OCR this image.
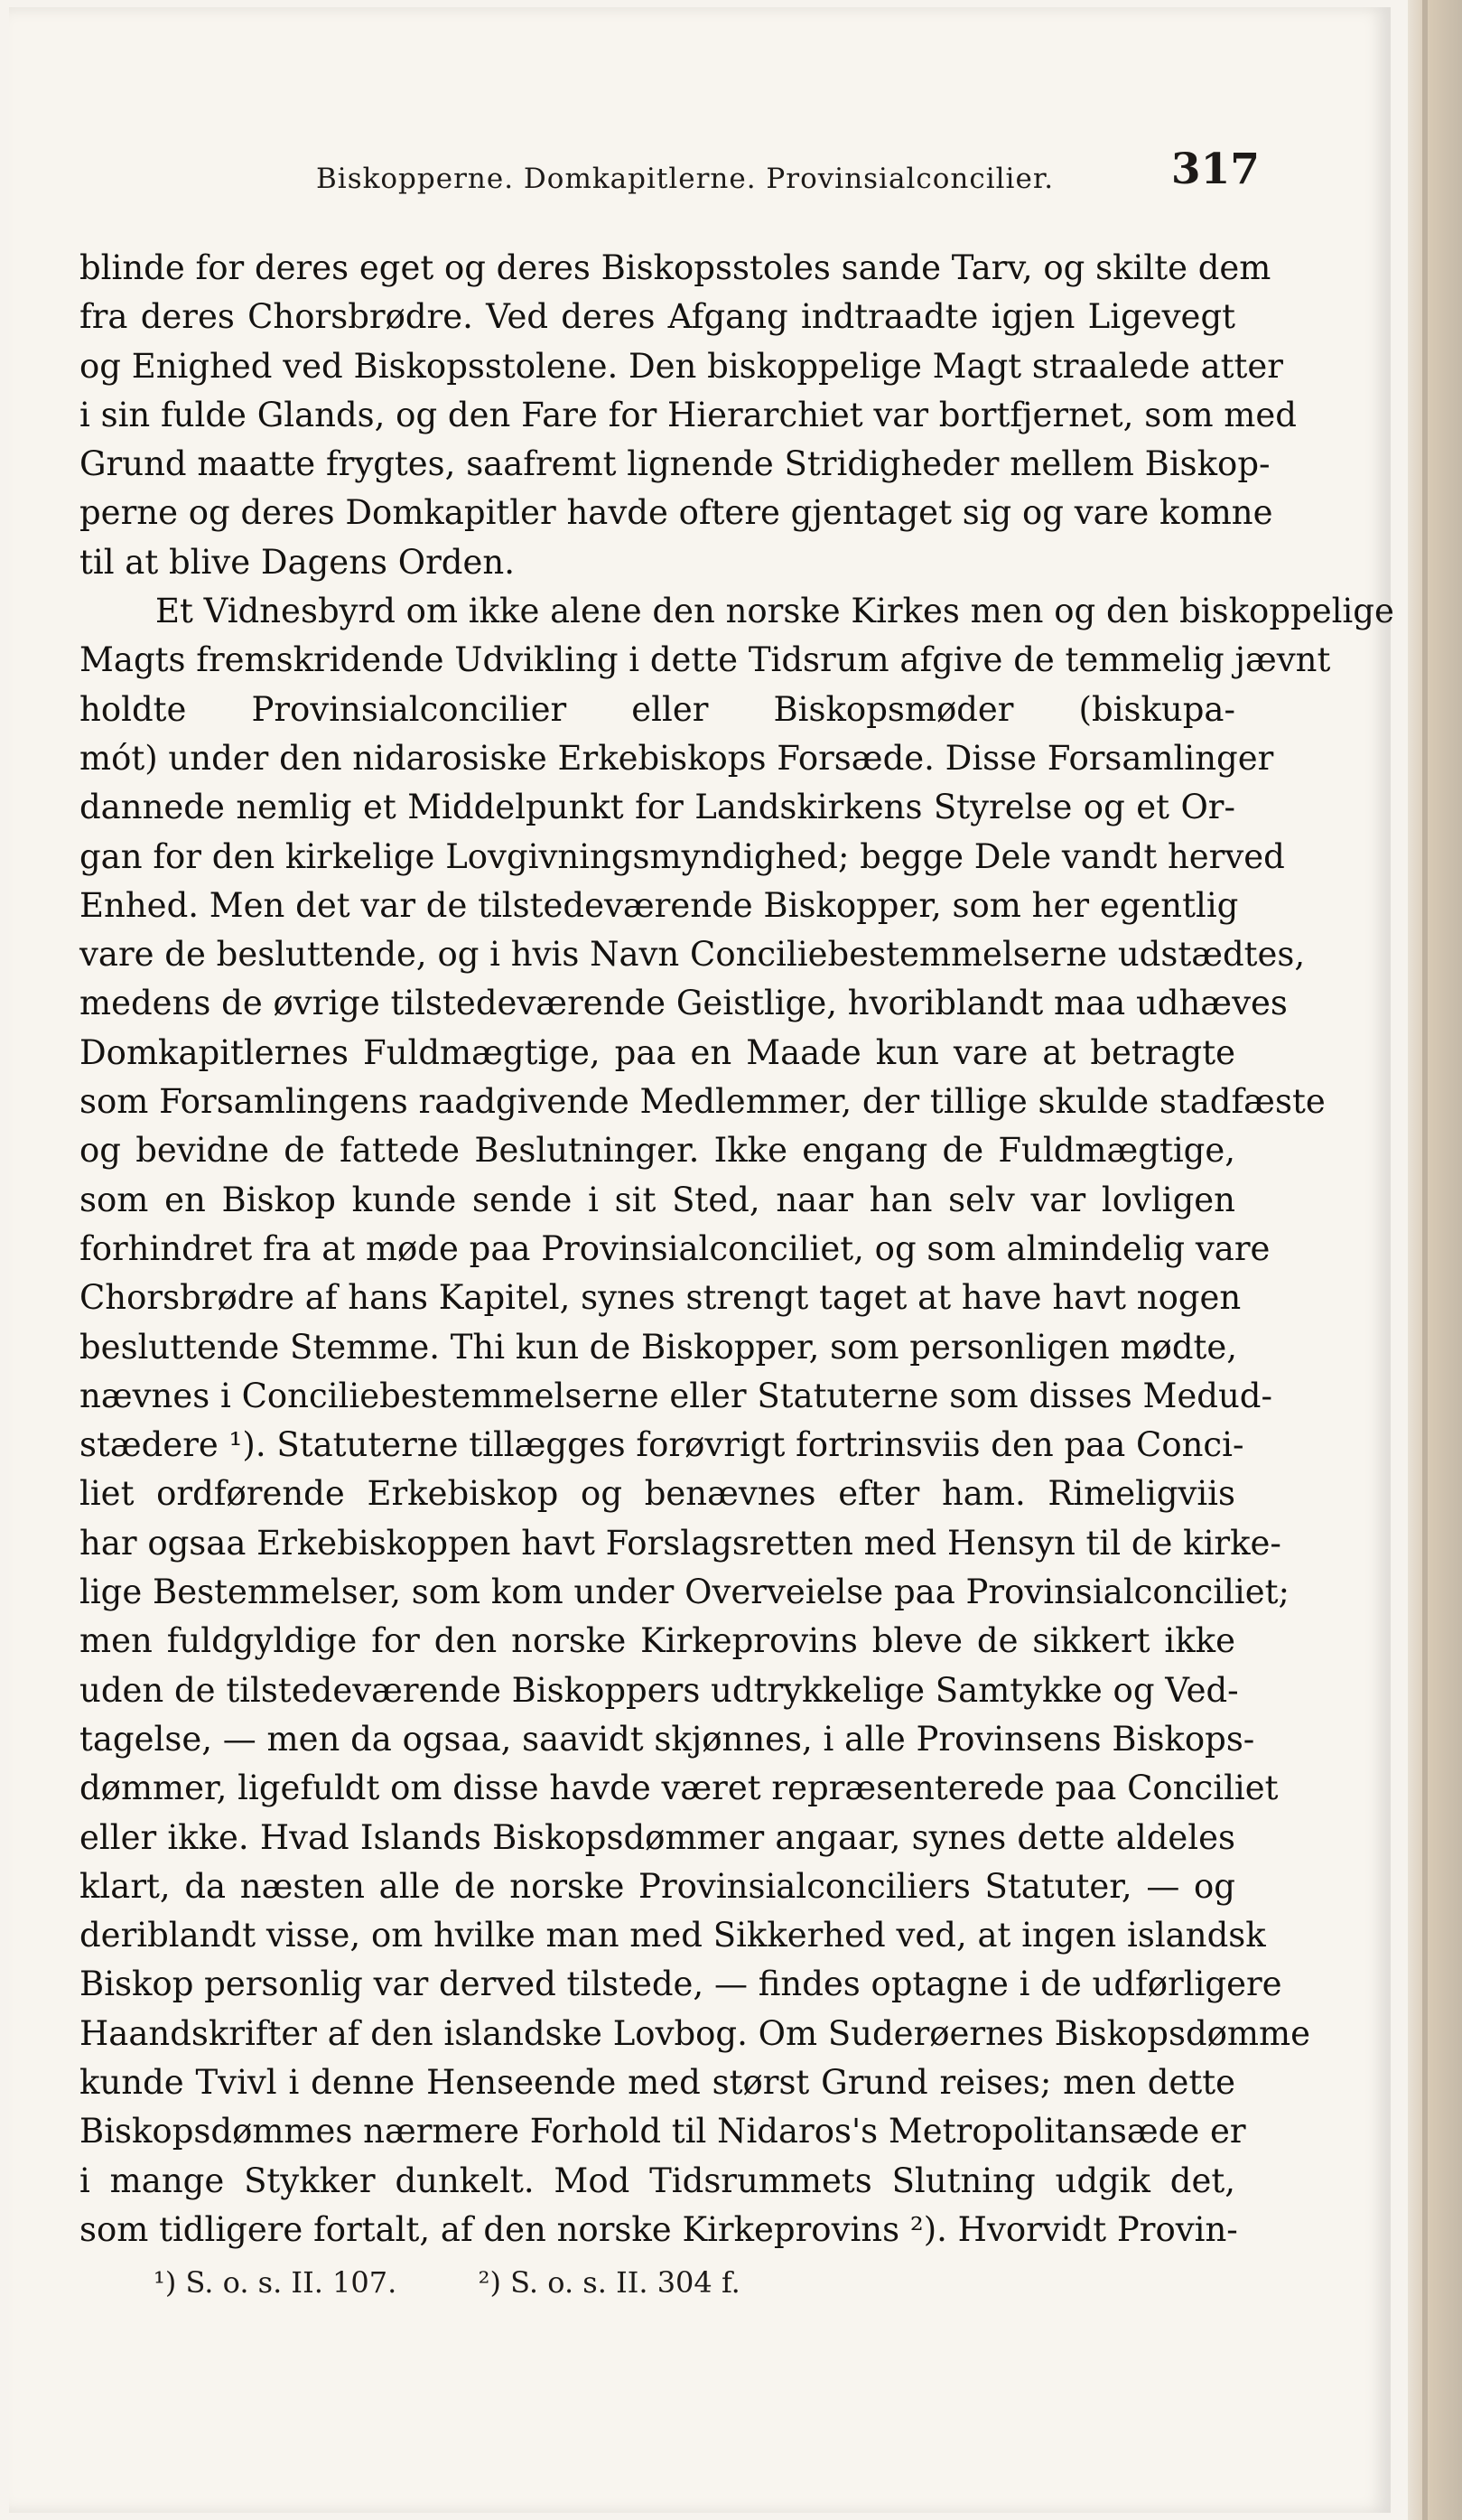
Biskopperne. Domkapitlerne. Provinsialconcilier.	317
blinde for deres eget og deres Biskopsstoles sande Tarv, og skilte dem
fra deres Chorsbrødre. Ved deres Afgang indtraadte igjen Ligevegt
og Enighed ved Biskopsstolene. Den biskoppelige Magt straalede atter
i sin fulde Glands, og den Fare for Hierarchiet var bortfjernet, som med
Grund maatte frygtes, saafremt lignende Stridigheder mellem Biskop-
perne og deres Domkapitler havde oftere gjentaget sig og vare komne
til at blive Dagens Orden.
Et Vidnesbyrd om ikke alene den norske Kirkes men og den biskoppelige
Magts fremskridende Udvikling i dette Tidsrum afgive de temmelig jævnt
holdte Provinsialconcilier eller Biskopsmøder (biskupa-
mót) under den nidarosiske Erkebiskops Forsæde. Disse Forsamlinger
dannede nemlig et Middelpunkt for Landskirkens Styrelse og et Or-
gan for den kirkelige Lovgivningsmyndighed; begge Dele vandt herved
Enhed. Men det var de tilstedeværende Biskopper, som her egentlig
vare de besluttende, og i hvis Navn Conciliebestemmelserne udstædtes,
medens de øvrige tilstedeværende Geistlige, hvoriblandt maa udhæves
Domkapitlernes Fuldmægtige, paa en Maade kun vare at betragte
som Forsamlingens raadgivende Medlemmer, der tillige skulde stadfæste
og bevidne de fattede Beslutninger. Ikke engang de Fuldmægtige,
som en Biskop kunde sende i sit Sted, naar han selv var lovligen
forhindret fra at møde paa Provinsialconciliet, og som almindelig vare
Chorsbrødre af hans Kapitel, synes strengt taget at have havt nogen
besluttende Stemme. Thi kun de Biskopper, som personligen mødte,
nævnes i Conciliebestemmelserne eller Statuterne som disses Medud-
stædere ¹). Statuterne tillægges forøvrigt fortrinsviis den paa Conci-
liet ordførende Erkebiskop og benævnes efter ham. Rimeligviis
har ogsaa Erkebiskoppen havt Forslagsretten med Hensyn til de kirke-
lige Bestemmelser, som kom under Overveielse paa Provinsialconciliet;
men fuldgyldige for den norske Kirkeprovins bleve de sikkert ikke
uden de tilstedeværende Biskoppers udtrykkelige Samtykke og Ved-
tagelse, — men da ogsaa, saavidt skjønnes, i alle Provinsens Biskops-
dømmer, ligefuldt om disse havde været repræsenterede paa Conciliet
eller ikke. Hvad Islands Biskopsdømmer angaar, synes dette aldeles
klart, da næsten alle de norske Provinsialconciliers Statuter, — og
deriblandt visse, om hvilke man med Sikkerhed ved, at ingen islandsk
Biskop personlig var derved tilstede, — findes optagne i de udførligere
Haandskrifter af den islandske Lovbog. Om Suderøernes Biskopsdømme
kunde Tvivl i denne Henseende med størst Grund reises; men dette
Biskopsdømmes nærmere Forhold til Nidaros's Metropolitansæde er
i mange Stykker dunkelt. Mod Tidsrummets Slutning udgik det,
som tidligere fortalt, af den norske Kirkeprovins ²). Hvorvidt Provin-
¹) S. o. s. II. 107.	²) S. o. s. II. 304 f.
